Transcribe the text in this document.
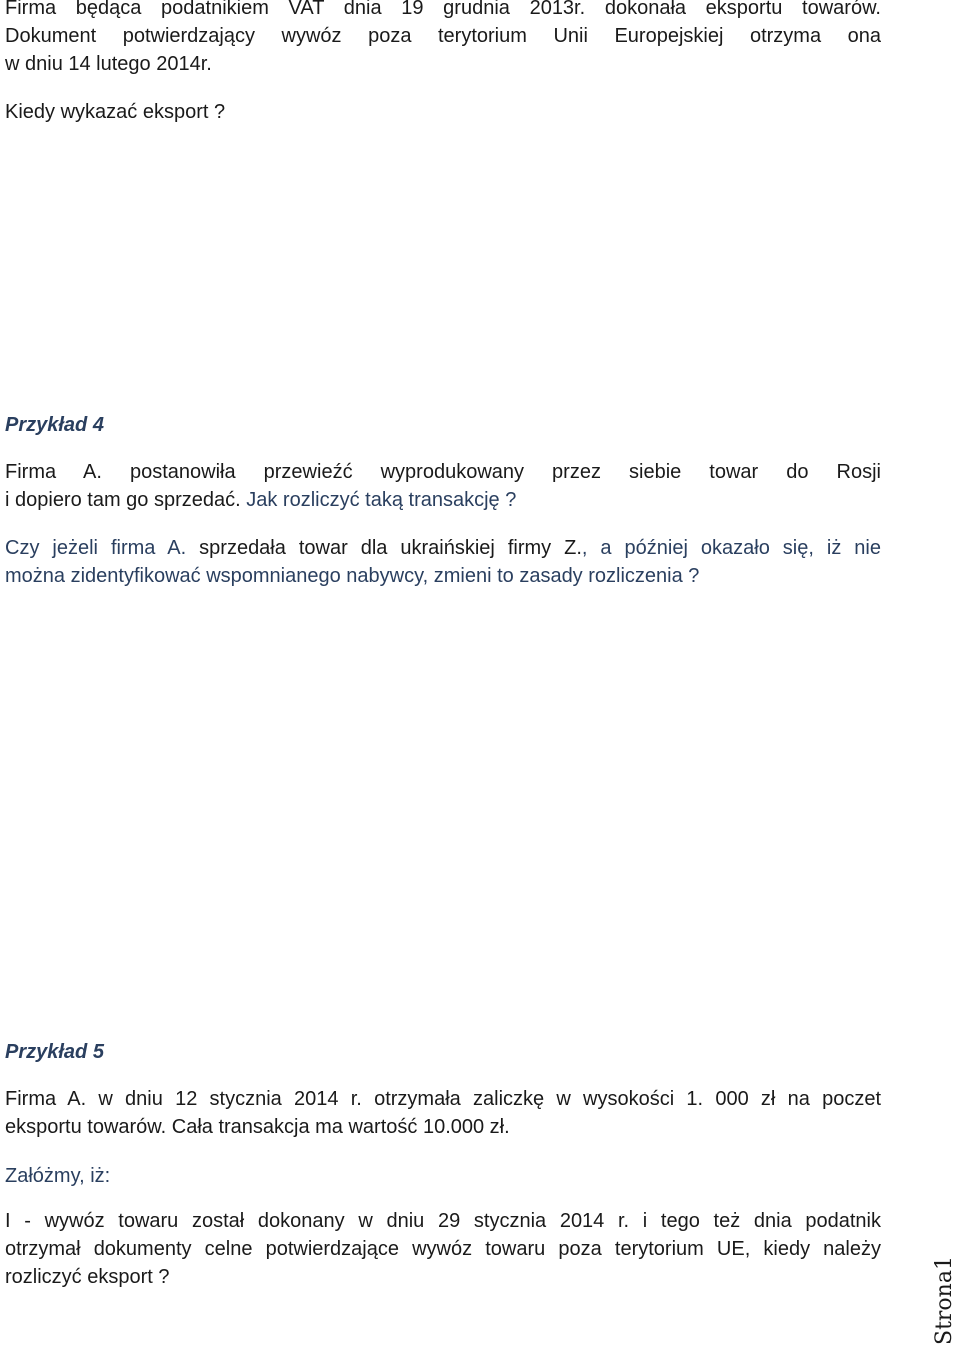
Firma będąca podatnikiem VAT dnia 19 grudnia 2013r. dokonała eksportu towarów.
Dokument potwierdzający wywóz poza terytorium Unii Europejskiej otrzyma ona
w dniu 14 lutego 2014r.

Kiedy wykazać eksport ?

Przykład 4
Firma A. postanowiła przewieźć wyprodukowany przez siebie towar do Rosji
i dopiero tam go sprzedać. Jak rozliczyć taką transakcję ?
Czy jeżeli firma A. sprzedała towar dla ukraińskiej firmy Z., a później okazało się, iż nie
można zidentyfikować wspomnianego nabywcy, zmieni to zasady rozliczenia ?
Przykład 5
Firma A. w dniu 12 stycznia 2014 r. otrzymała zaliczkę w wysokości 1. 000 zł na poczet
eksportu towarów. Cała transakcja ma wartość 10.000 zł.

Załóżmy, iż:

I - wywóz towaru został dokonany w dniu 29 stycznia 2014 r. i tego też dnia podatnik
otrzymał dokumenty celne potwierdzające wywóz towaru poza terytorium UE, kiedy należy
rozliczyć eksport ?	Strona1
